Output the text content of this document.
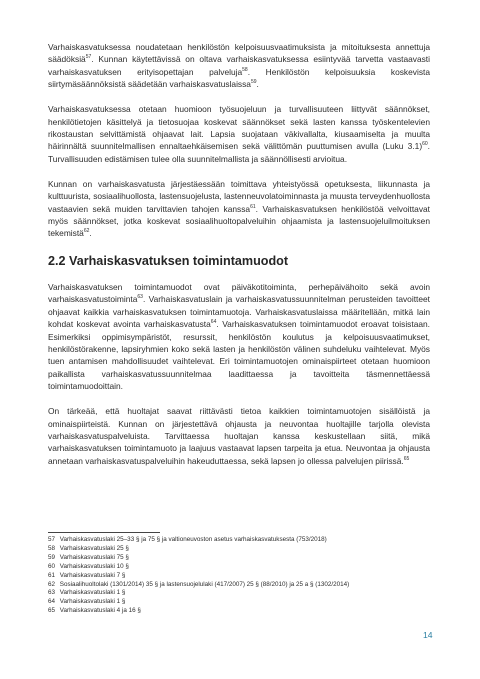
Varhaiskasvatuksessa noudatetaan henkilöstön kelpoisuusvaatimuksista ja mitoituksesta annettuja säädöksiä$^{57}$. Kunnan käytettävissä on oltava varhaiskasvatuksessa esiintyvää tarvetta vastaavasti varhaiskasvatuksen erityisopettajan palveluja$^{58}$. Henkilöstön kelpoisuuksia koskevista siirtymäsäännöksistä säädetään varhaiskasvatuslaissa$^{59}$.

Varhaiskasvatuksessa otetaan huomioon työsuojeluun ja turvallisuuteen liittyvät säännökset, henkilötietojen käsittelyä ja tietosuojaa koskevat säännökset sekä lasten kanssa työskentelevien rikostaustan selvittämistä ohjaavat lait. Lapsia suojataan väkivallalta, kiusaamiselta ja muulta häirinnältä suunnitelmallisen ennaltaehkäisemisen sekä välittömän puuttumisen avulla (Luku 3.1)$^{60}$. Turvallisuuden edistämisen tulee olla suunnitelmallista ja säännöllisesti arvioitua.

Kunnan on varhaiskasvatusta järjestäessään toimittava yhteistyössä opetuksesta, liikunnasta ja kulttuurista, sosiaalihuollosta, lastensuojelusta, lastenneuvolatoiminnasta ja muusta terveydenhuollosta vastaavien sekä muiden tarvittavien tahojen kanssa$^{61}$. Varhaiskasvatuksen henkilöstöä velvoittavat myös säännökset, jotka koskevat sosiaalihuoltopalveluihin ohjaamista ja lastensuojeluilmoituksen tekemistä$^{62}$.

2.2 Varhaiskasvatuksen toimintamuodot

Varhaiskasvatuksen toimintamuodot ovat päiväkotitoiminta, perhepäivähoito sekä avoin varhaiskasvatustoiminta$^{63}$. Varhaiskasvatuslain ja varhaiskasvatussuunnitelman perusteiden tavoitteet ohjaavat kaikkia varhaiskasvatuksen toimintamuotoja. Varhaiskasvatuslaissa määritellään, mitkä lain kohdat koskevat avointa varhaiskasvatusta$^{64}$. Varhaiskasvatuksen toimintamuodot eroavat toisistaan. Esimerkiksi oppimisympäristöt, resurssit, henkilöstön koulutus ja kelpoisuusvaatimukset, henkilöstörakenne, lapsiryhmien koko sekä lasten ja henkilöstön välinen suhdeluku vaihtelevat. Myös tuen antamisen mahdollisuudet vaihtelevat. Eri toimintamuotojen ominaispiirteet otetaan huomioon paikallista varhaiskasvatussuunnitelmaa laadittaessa ja tavoitteita täsmennettäessä toimintamuodoittain.

On tärkeää, että huoltajat saavat riittävästi tietoa kaikkien toimintamuotojen sisällöistä ja ominaispiirteistä. Kunnan on järjestettävä ohjausta ja neuvontaa huoltajille tarjolla olevista varhaiskasvatuspalveluista. Tarvittaessa huoltajan kanssa keskustellaan siitä, mikä varhaiskasvatuksen toimintamuoto ja laajuus vastaavat lapsen tarpeita ja etua. Neuvontaa ja ohjausta annetaan varhaiskasvatuspalveluihin hakeuduttaessa, sekä lapsen jo ollessa palvelujen piirissä.$^{65}$

57 Varhaiskasvatuslaki 25–33 § ja 75 § ja valtioneuvoston asetus varhaiskasvatuksesta (753/2018)
58 Varhaiskasvatuslaki 25 §
59 Varhaiskasvatuslaki 75 §
60 Varhaiskasvatuslaki 10 §
61 Varhaiskasvatuslaki 7 §
62 Sosiaalihuoltolaki (1301/2014) 35 § ja lastensuojelulaki (417/2007) 25 § (88/2010) ja 25 a § (1302/2014)
63 Varhaiskasvatuslaki 1 §
64 Varhaiskasvatuslaki 1 §
65 Varhaiskasvatuslaki 4 ja 16 §
14
